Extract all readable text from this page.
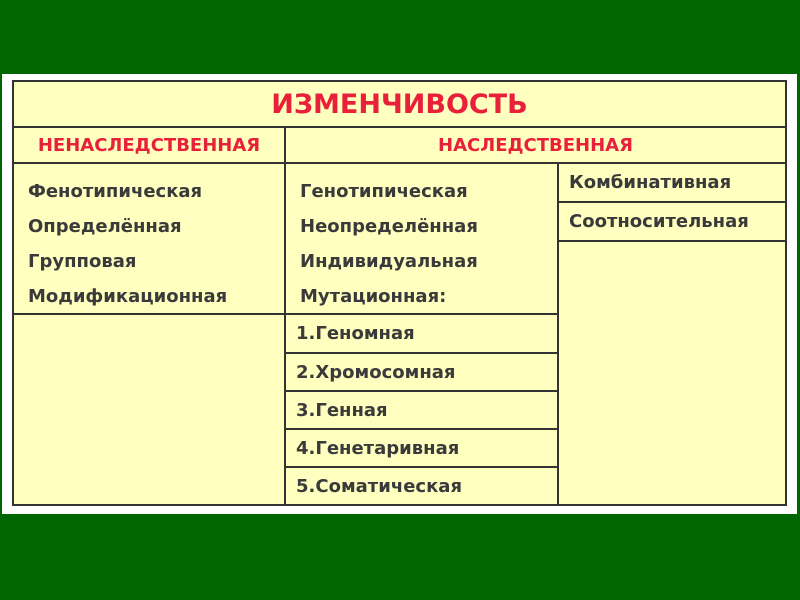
ИЗМЕНЧИВОСТЬ
НЕНАСЛЕДСТВЕННАЯ	НАСЛЕДСТВЕННАЯ
Фенотипическая
Определённая
Групповая
Модификационная
Генотипическая
Неопределённая
Индивидуальная
Мутационная:
1.Геномная
2.Хромосомная
3.Генная
4.Генетаривная
5.Соматическая
Комбинативная
Соотносительная
